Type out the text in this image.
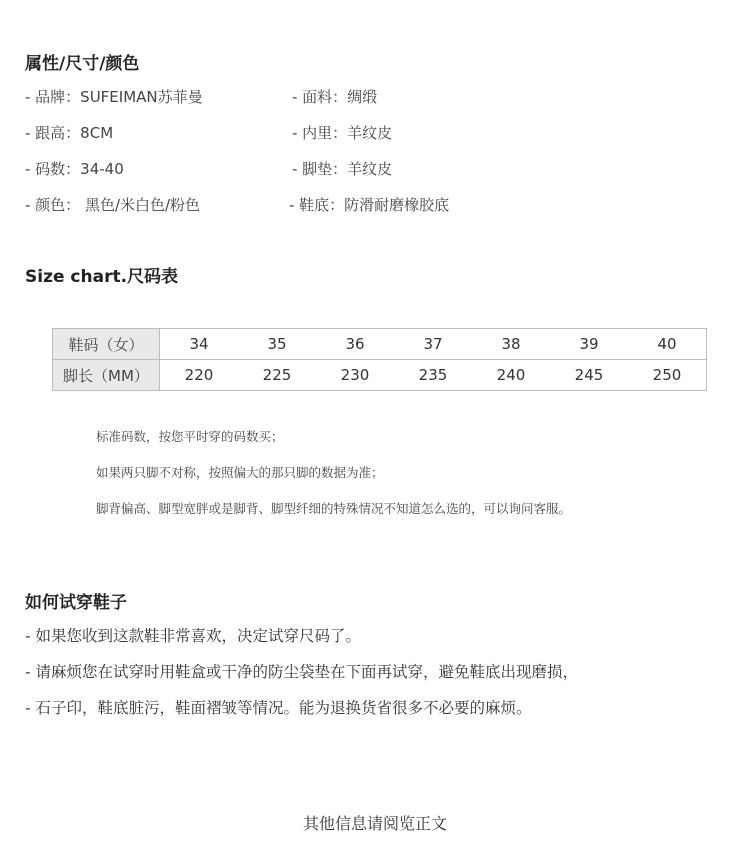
属性/尺寸/颜色
- 品牌：SUFEIMAN苏菲曼
- 跟高：8CM
- 码数：34-40
- 颜色： 黑色/米白色/粉色
- 面料：绸缎
- 内里：羊纹皮
- 脚垫：羊纹皮
- 鞋底：防滑耐磨橡胶底
Size chart.尺码表
鞋码（女）	34	35	36	37	38	39	40
脚长（MM）	220	225	230	235	240	245	250
标准码数，按您平时穿的码数买；
如果两只脚不对称，按照偏大的那只脚的数据为准；
脚背偏高、脚型宽胖或是脚背、脚型纤细的特殊情况不知道怎么选的，可以询问客服。
如何试穿鞋子
- 如果您收到这款鞋非常喜欢，决定试穿尺码了。
- 请麻烦您在试穿时用鞋盒或干净的防尘袋垫在下面再试穿，避免鞋底出现磨损，
- 石子印，鞋底脏污，鞋面褶皱等情况。能为退换货省很多不必要的麻烦。
其他信息请阅览正文
